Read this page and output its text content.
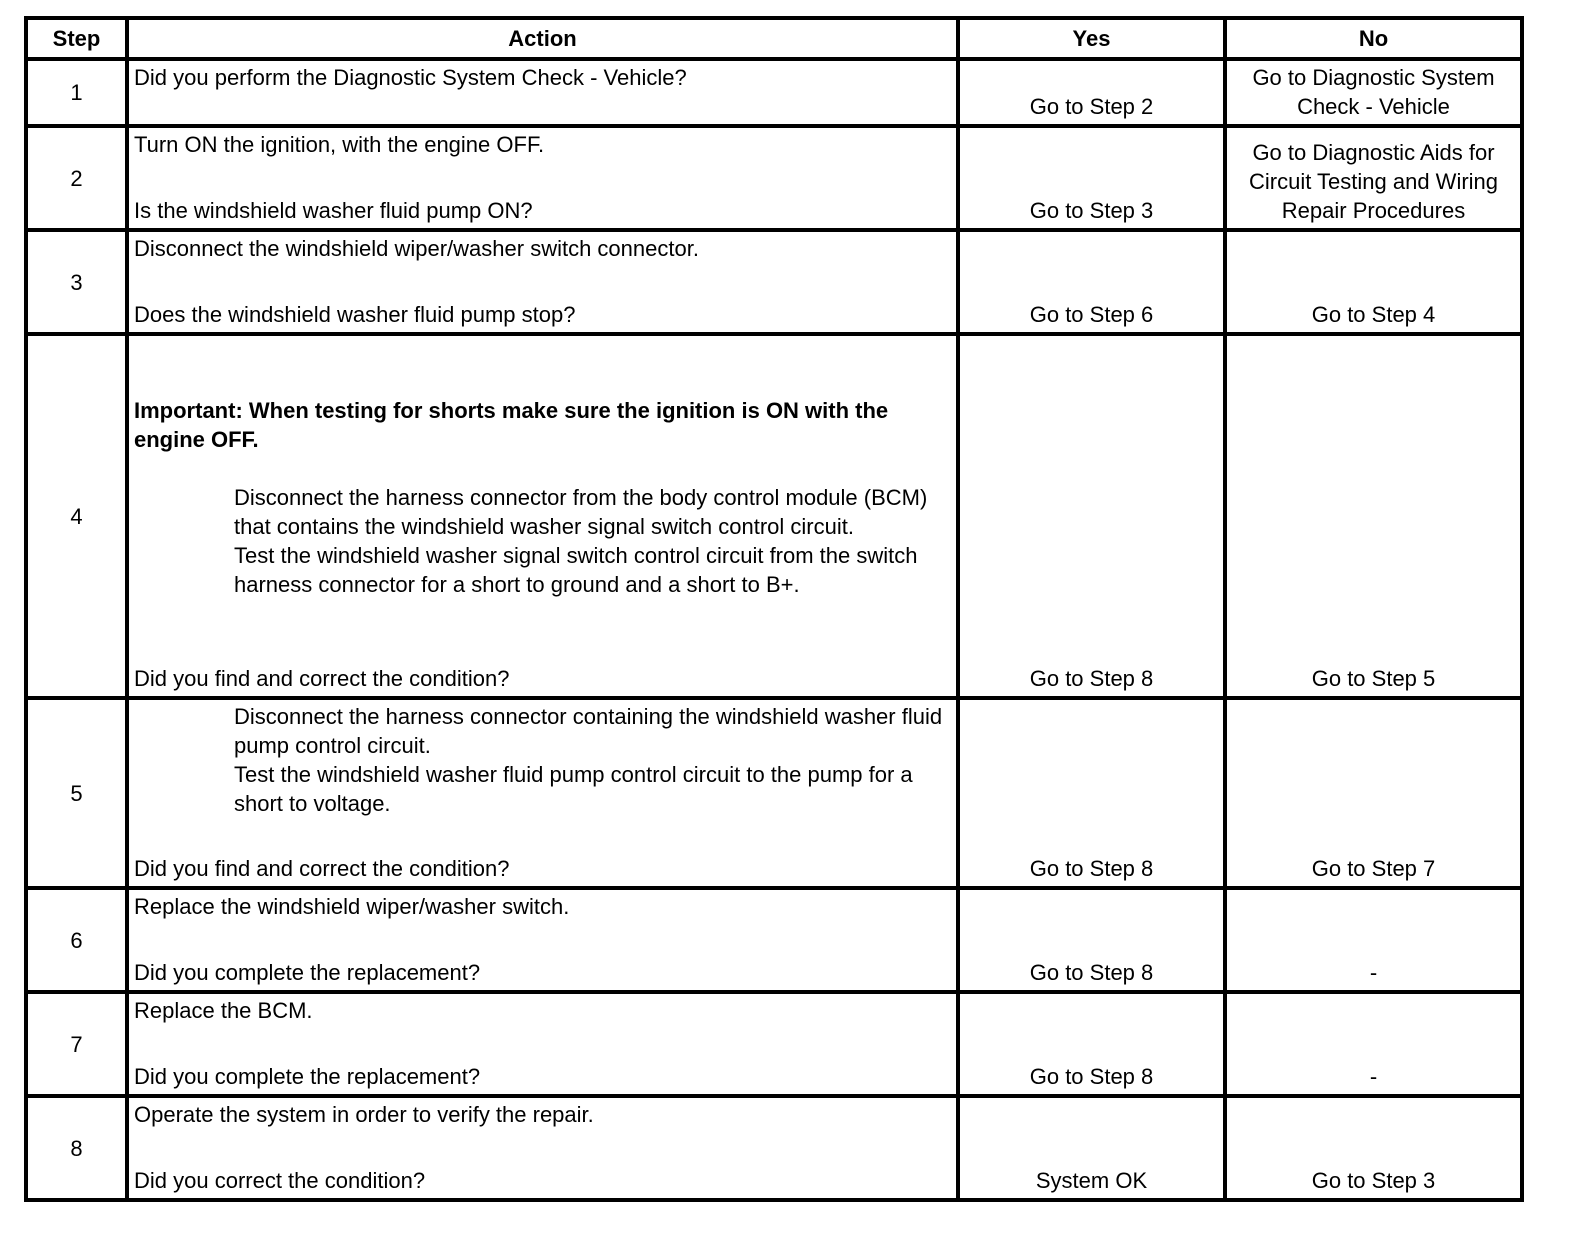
Step	Action	Yes	No
1	Did you perform the Diagnostic System Check - Vehicle?	Go to Step 2	Go to Diagnostic System Check - Vehicle
2	Turn ON the ignition, with the engine OFF.
Is the windshield washer fluid pump ON?	Go to Step 3	Go to Diagnostic Aids for Circuit Testing and Wiring Repair Procedures
3	Disconnect the windshield wiper/washer switch connector.
Does the windshield washer fluid pump stop?	Go to Step 6	Go to Step 4
4	Important: When testing for shorts make sure the ignition is ON with the engine OFF.
Disconnect the harness connector from the body control module (BCM) that contains the windshield washer signal switch control circuit.
Test the windshield washer signal switch control circuit from the switch harness connector for a short to ground and a short to B+.
Did you find and correct the condition?	Go to Step 8	Go to Step 5
5	Disconnect the harness connector containing the windshield washer fluid pump control circuit.
Test the windshield washer fluid pump control circuit to the pump for a short to voltage.
Did you find and correct the condition?	Go to Step 8	Go to Step 7
6	Replace the windshield wiper/washer switch.
Did you complete the replacement?	Go to Step 8	-
7	Replace the BCM.
Did you complete the replacement?	Go to Step 8	-
8	Operate the system in order to verify the repair.
Did you correct the condition?	System OK	Go to Step 3
